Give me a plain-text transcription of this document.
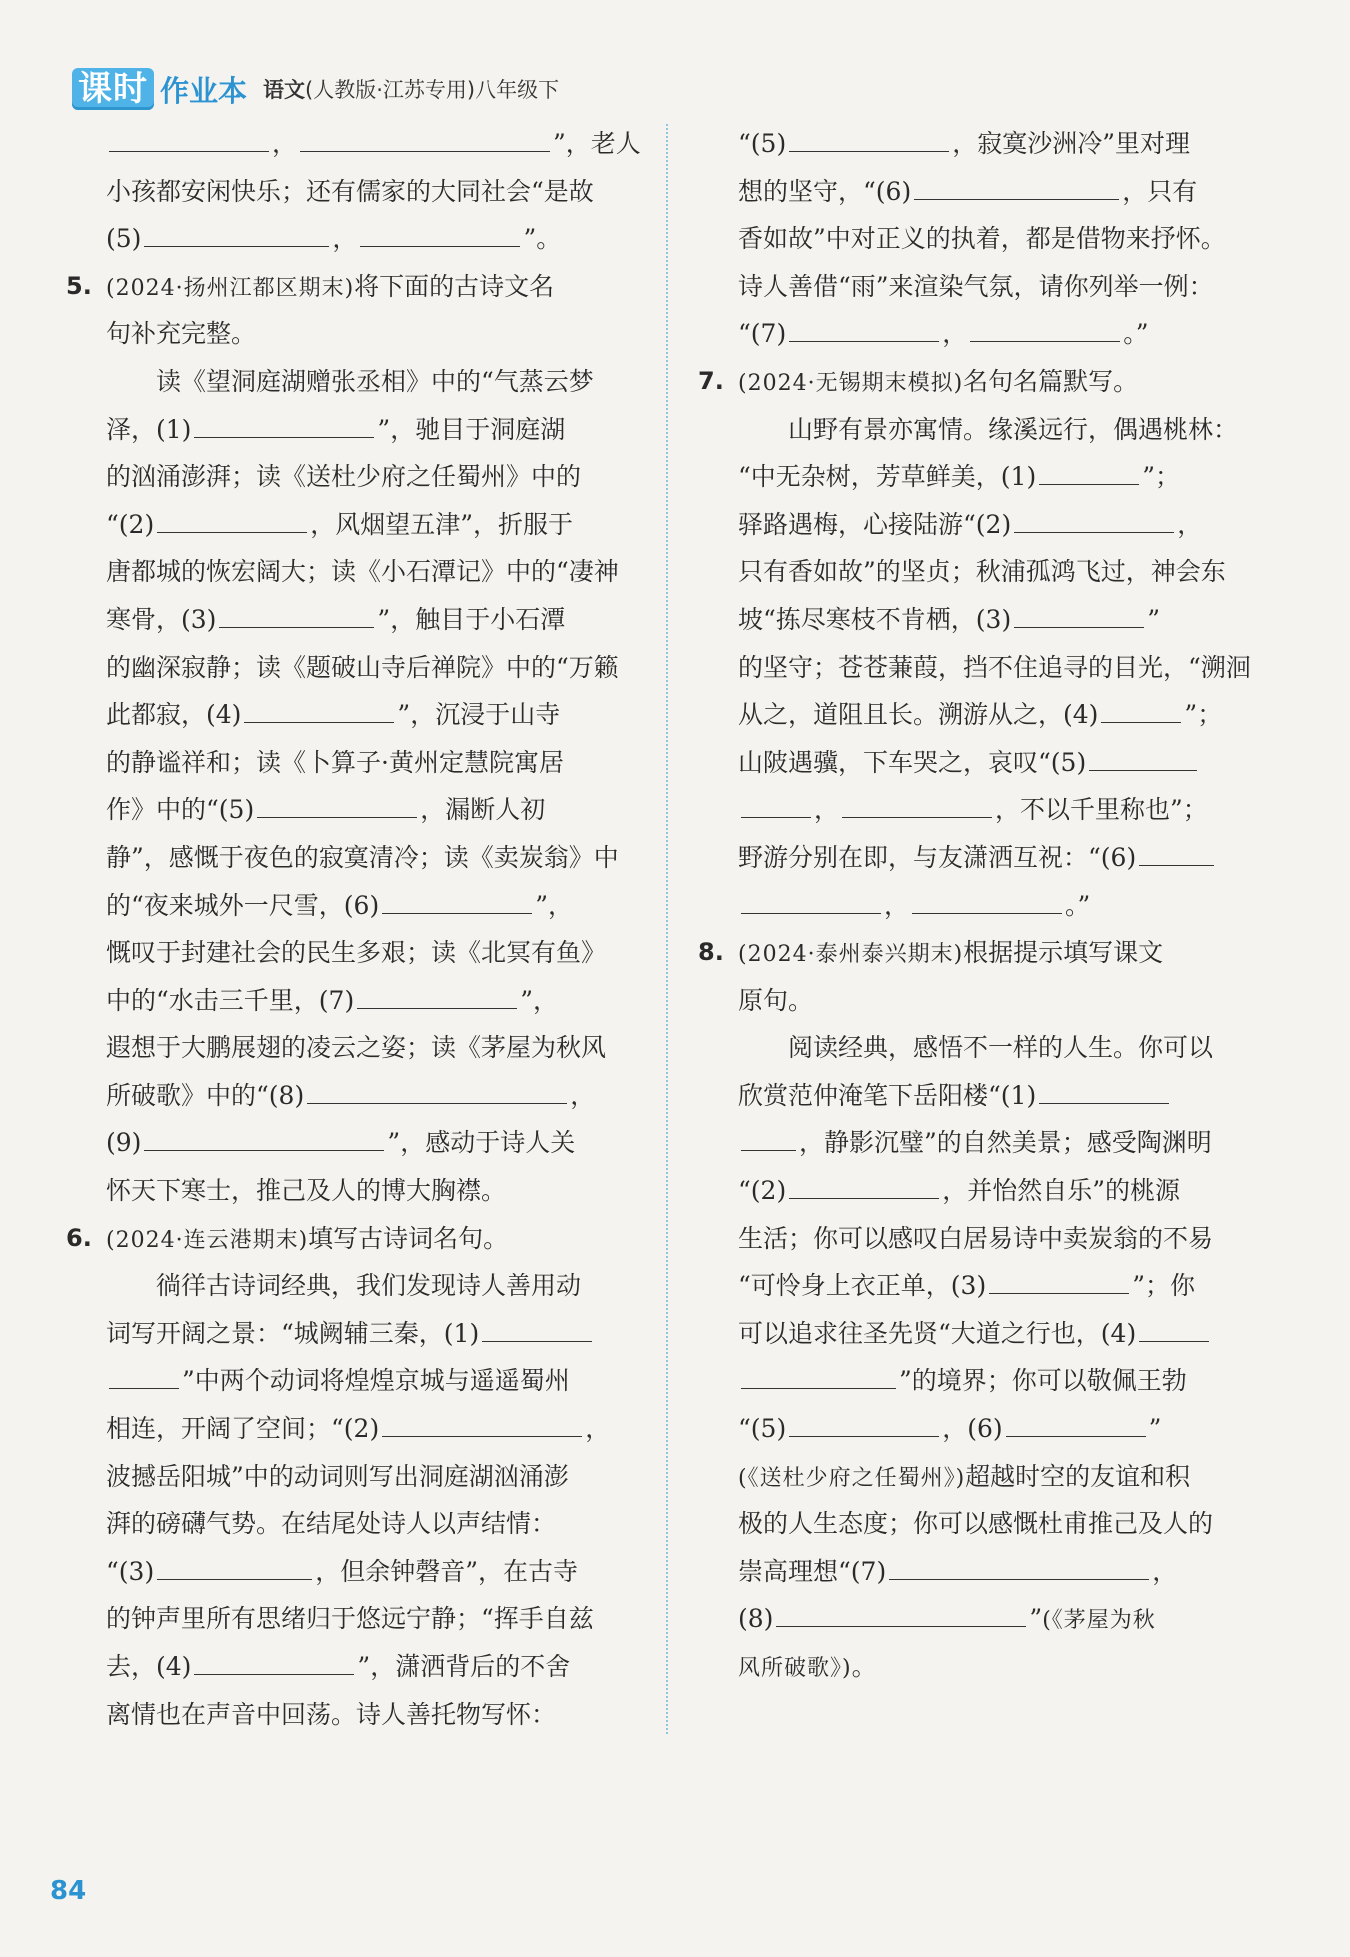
课时 作业本 语文 (人教版·江苏专用)八年级下
，	”，老人
小孩都安闲快乐；还有儒家的大同社会“是故
(5)	，	”。
5. (2024·扬州江都区期末)将下面的古诗文名
句补充完整。
读《望洞庭湖赠张丞相》中的“气蒸云梦
泽，(1)	”，驰目于洞庭湖
的汹涌澎湃；读《送杜少府之任蜀州》中的
“(2)	，风烟望五津”，折服于
唐都城的恢宏阔大；读《小石潭记》中的“凄神
寒骨，(3)	”，触目于小石潭
的幽深寂静；读《题破山寺后禅院》中的“万籁
此都寂，(4)	”，沉浸于山寺
的静谧祥和；读《卜算子·黄州定慧院寓居
作》中的“(5)	，漏断人初
静”，感慨于夜色的寂寞清冷；读《卖炭翁》中
的“夜来城外一尺雪，(6)	”，
慨叹于封建社会的民生多艰；读《北冥有鱼》
中的“水击三千里，(7)	”，
遐想于大鹏展翅的凌云之姿；读《茅屋为秋风
所破歌》中的“(8)	，
(9)	”，感动于诗人关
怀天下寒士，推己及人的博大胸襟。
6. (2024·连云港期末)填写古诗词名句。
徜徉古诗词经典，我们发现诗人善用动
词写开阔之景：“城阙辅三秦，(1)
”中两个动词将煌煌京城与遥遥蜀州
相连，开阔了空间；“(2)	，
波撼岳阳城”中的动词则写出洞庭湖汹涌澎
湃的磅礴气势。在结尾处诗人以声结情：
“(3)	，但余钟磬音”，在古寺
的钟声里所有思绪归于悠远宁静；“挥手自兹
去，(4)	”，潇洒背后的不舍
离情也在声音中回荡。诗人善托物写怀：
“(5)	，寂寞沙洲冷”里对理
想的坚守，“(6)	，只有
香如故”中对正义的执着，都是借物来抒怀。
诗人善借“雨”来渲染气氛，请你列举一例：
“(7)	，	。”
7. (2024·无锡期末模拟)名句名篇默写。
山野有景亦寓情。缘溪远行，偶遇桃林：
“中无杂树，芳草鲜美，(1)	”；
驿路遇梅，心接陆游“(2)	，
只有香如故”的坚贞；秋浦孤鸿飞过，神会东
坡“拣尽寒枝不肯栖，(3)	”
的坚守；苍苍蒹葭，挡不住追寻的目光，“溯洄
从之，道阻且长。溯游从之，(4)	”；
山陂遇骥，下车哭之，哀叹“(5)
，	，不以千里称也”；
野游分别在即，与友潇洒互祝：“(6)
，	。”
8. (2024·泰州泰兴期末)根据提示填写课文
原句。
阅读经典，感悟不一样的人生。你可以
欣赏范仲淹笔下岳阳楼“(1)
，静影沉璧”的自然美景；感受陶渊明
“(2)	，并怡然自乐”的桃源
生活；你可以感叹白居易诗中卖炭翁的不易
“可怜身上衣正单，(3)	”；你
可以追求往圣先贤“大道之行也，(4)
”的境界；你可以敬佩王勃
“(5)	，(6)	”
(《送杜少府之任蜀州》)超越时空的友谊和积
极的人生态度；你可以感慨杜甫推己及人的
崇高理想“(7)	，
(8)	”(《茅屋为秋
风所破歌》)。
84
